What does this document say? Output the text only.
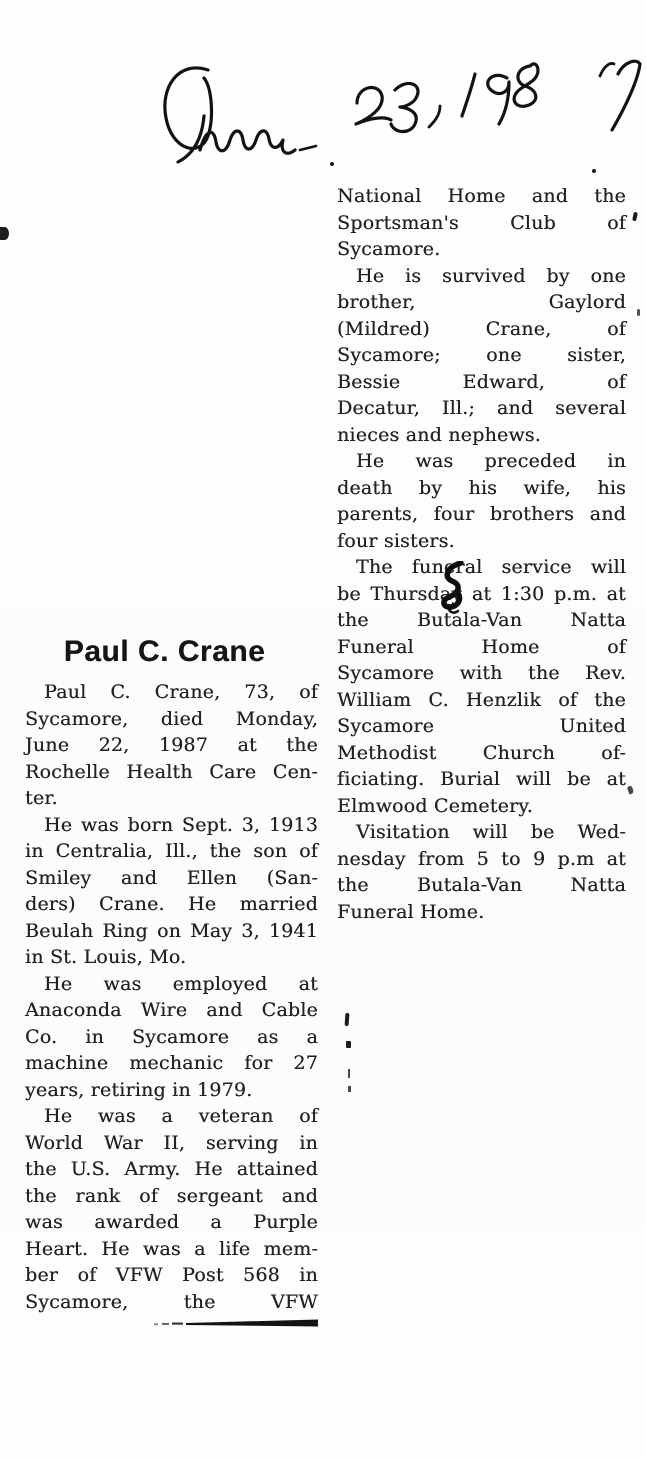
National Home and the
Sportsman's Club of
Sycamore.
He is survived by one
brother, Gaylord
(Mildred) Crane, of
Sycamore; one sister,
Bessie Edward, of
Decatur, Ill.; and several
nieces and nephews.
He was preceded in
death by his wife, his
parents, four brothers and
four sisters.
The funeral service will
be Thursday at 1:30 p.m. at
the Butala-Van Natta
Funeral Home of
Sycamore with the Rev.
William C. Henzlik of the
Sycamore United
Methodist Church of-
ficiating. Burial will be at
Elmwood Cemetery.
Visitation will be Wed-
nesday from 5 to 9 p.m at
the Butala-Van Natta
Funeral Home.
Paul C. Crane
Paul C. Crane, 73, of
Sycamore, died Monday,
June 22, 1987 at the
Rochelle Health Care Cen-
ter.
He was born Sept. 3, 1913
in Centralia, Ill., the son of
Smiley and Ellen (San-
ders) Crane. He married
Beulah Ring on May 3, 1941
in St. Louis, Mo.
He was employed at
Anaconda Wire and Cable
Co. in Sycamore as a
machine mechanic for 27
years, retiring in 1979.
He was a veteran of
World War II, serving in
the U.S. Army. He attained
the rank of sergeant and
was awarded a Purple
Heart. He was a life mem-
ber of VFW Post 568 in
Sycamore, the VFW
